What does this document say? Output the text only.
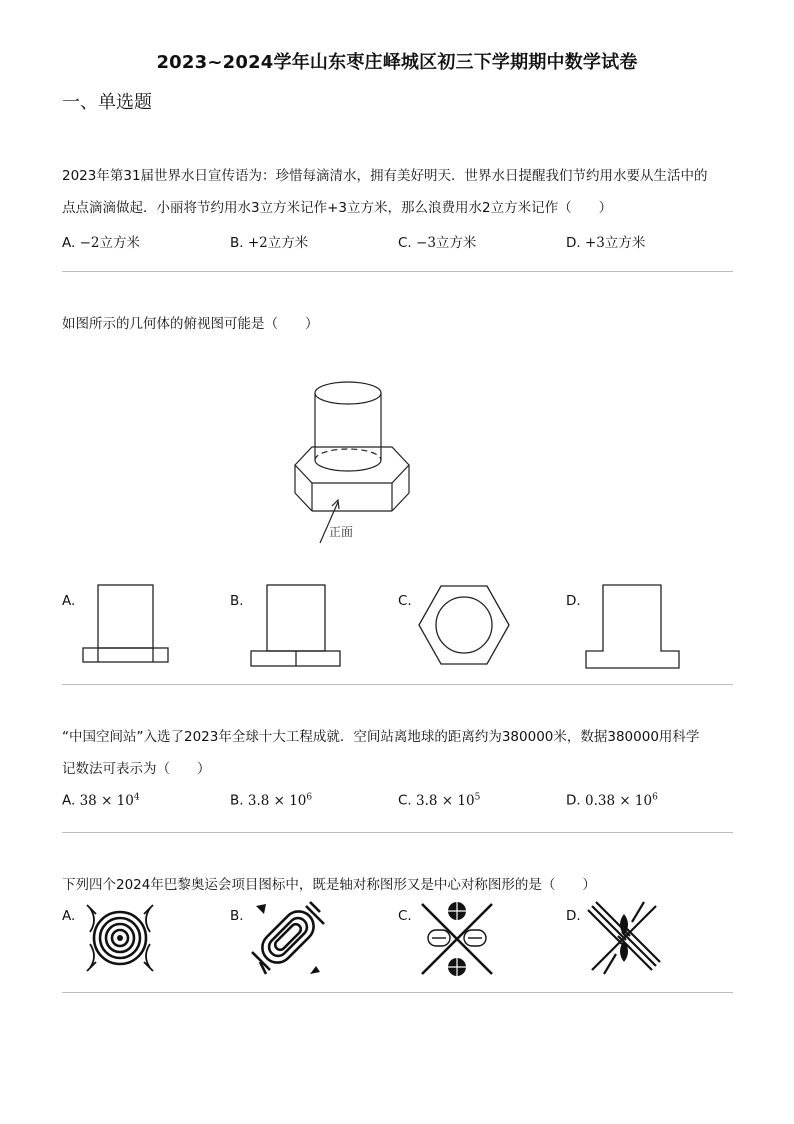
2023~2024学年山东枣庄峄城区初三下学期期中数学试卷
一、单选题
2023年第31届世界水日宣传语为：珍惜每滴清水，拥有美好明天．世界水日提醒我们节约用水要从生活中的
点点滴滴做起．小丽将节约用水3立方米记作+3立方米，那么浪费用水2立方米记作（　　）
A. −2立方米	B. +2立方米	C. −3立方米	D. +3立方米
如图所示的几何体的俯视图可能是（　　）
正面
A.	B.	C.	D.
“中国空间站”入选了2023年全球十大工程成就．空间站离地球的距离约为380000米，数据380000用科学
记数法可表示为（　　）
A. $38 \times 10^4$	B. $3.8 \times 10^6$	C. $3.8 \times 10^5$	D. $0.38 \times 10^6$
下列四个2024年巴黎奥运会项目图标中，既是轴对称图形又是中心对称图形的是（　　）
A.	B.	C.	D.
